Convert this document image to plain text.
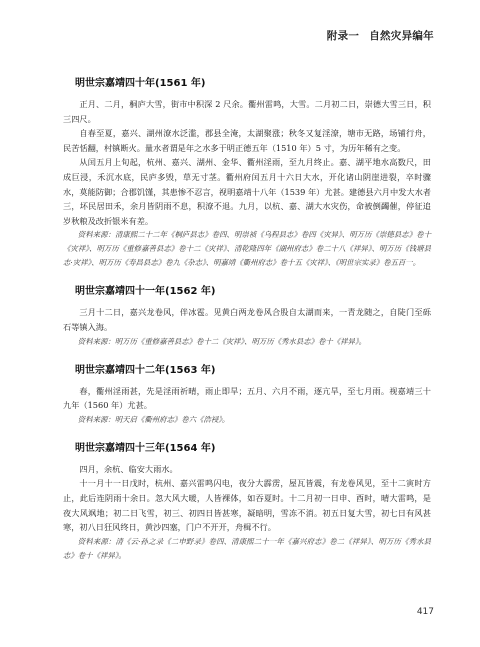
附录一 自然灾异编年
明世宗嘉靖四十年(1561 年)

正月、二月，桐庐大雪，街市中积深 2 尺余。衢州雷鸣，大雪。二月初二日，崇德大雪三日，积三四尺。

自春至夏，嘉兴、湖州潦水泛滥，郡县全淹，太湖聚涨；秋冬又复淫潦，塘市无路，场铺行舟，民苦恬翻，村镇断火。量水者谓是年之水多于明正德五年（1510 年）5 寸，为历年稀有之变。

从闰五月上旬起，杭州、嘉兴、湖州、金华、衢州淫雨，至九月终止。嘉、湖平地水高数尺，田成巨浸，禾沉水底，民庐多毁，草无寸茎。衢州府闰五月十六日大水，开化诸山阴崖进裂，卒时骤水，莫能防御；合郡饥馑，其患惨不忍言，视明嘉靖十八年（1539 年）尤甚。建德县六月中发大水者三，坏民居田禾，余月皆阴雨不息，积潦不退。九月，以杭、嘉、湖大水灾伤，命被倒蠲催，停征追岁秋粮及改折银米有差。

资料来源：清康熙二十二年《桐庐县志》卷四、明崇祯《乌程县志》卷四《灾异》、明万历《崇德县志》卷十《灾祥》、明万历《重修嘉善县志》卷十二《灾祥》、清乾隆四年《湖州府志》卷二十八《祥异》、明万历《钱塘县志·灾祥》、明万历《寿昌县志》卷九《杂志》、明嘉靖《衢州府志》卷十五《灾祥》、《明世宗实录》卷五百一。

明世宗嘉靖四十一年(1562 年)

三月十二日，嘉兴龙卷风，伴冰雹。见黄白两龙卷风合股自太湖而来，一青龙随之，自陡门至砾石等镇入海。

资料来源：明万历《重修嘉善县志》卷十二《灾祥》、明万历《秀水县志》卷十《祥异》。

明世宗嘉靖四十二年(1563 年)

春，衢州淫雨甚，先是淫雨祈晴，雨止即旱；五月、六月不雨，逐亢旱，至七月雨。视嘉靖三十九年（1560 年）尤甚。

资料来源：明天启《衢州府志》卷六《浩祲》。

明世宗嘉靖四十三年(1564 年)

四月，余杭、临安大雨水。

十一月十一日戊时，杭州、嘉兴雷鸣闪电，夜分大霹雳，屋瓦皆震，有龙卷风见，至十二寅时方止，此后连阴雨十余日。忽大风大暖，人皆裸体，如吞夏时。十二月初一日申、酉时，晴大雷鸣，是夜大风飒地；初二日飞雪，初三、初四日皆甚寒，凝暗明，雪冻不消。初五日复大雪，初七日有风甚寒，初八日狂风终日，黄沙四塞，门户不开开，舟楫不行。

资料来源：清《云·孙之录《二申野录》卷四、清康熙二十一年《嘉兴府志》卷二《祥异》、明万历《秀水县志》卷十《祥异》。

417
